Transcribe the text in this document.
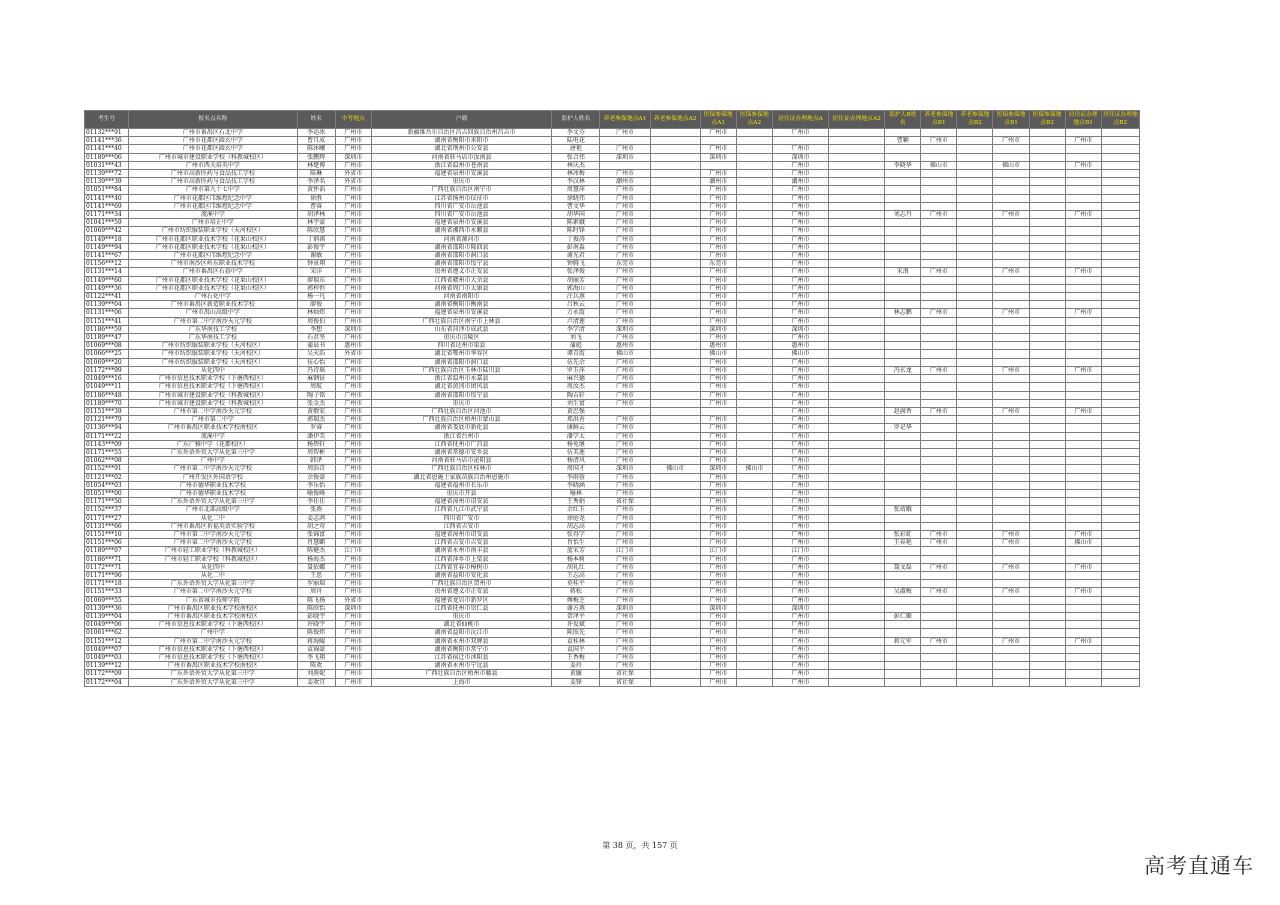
考生号	报名点名称	姓名	中考地点	户籍	监护人姓名	养老参保地点A1	养老参保地点A2	医保参保地点A1	医保参保地点A2	居住证办理地点A	居住证办理地点A2	监护人B姓名	养老参保地点B1	养老参保地点B2	医保参保地点B1	医保参保地点B2	居住证办理地点B1	居住证办理地点B2
01132***91	广州市番禺区石北中学	李运冰	广州市	新疆维吾尔自治区昌吉回族自治州昌吉市	李文芬	广州市		广州市		广州市								
01141***36	广州市花都区圆玄中学	曹月成	广州市	湖南省衡阳市耒阳市	陆电花							曹颖	广州市		广州市		广州市	
01141***40	广州市花都区圆玄中学	陈沐曦	广州市	湖北省荆州市公安县	唐艳	广州市		广州市		广州市								
01189***06	广州市城市建设职业学校（科教城校区）	张鹏辉	深圳市	河南省驻马店市汝南县	张合伟	深圳市		深圳市		深圳市								
01031***43	广州市西关培英中学	林楚博	广州市	浙江省温州市苍南县	林庆杰					广州市		李晓华	佛山市		佛山市		广州市	
01139***72	广州市高新医药与食品技工学校	陈琳	外省市	福建省泉州市安溪县	林冰梅	广州市		广州市		广州市								
01139***39	广州市高新医药与食品技工学校	李泽名	外省市	重庆市	李汉林	潮州市		潮州市		潮州市								
01051***84	广州市第九十七中学	黄怀滔	广州市	广西壮族自治区南宁市	周慧萍	广州市		广州市		广州市								
01141***40	广州市花都区邝维煜纪念中学	徐胜	广州市	江苏省扬州市仪征市	徐晓伟	广州市		广州市		广州市								
01141***69	广州市花都区邝维煜纪念中学	曹睿	广州市	四川省广安市岳池县	曹文华	广州市		广州市		广州市								
01171***34	流溪中学	胡泽林	广州市	四川省广安市岳池县	胡华国	广州市		广州市		广州市		刘志丹	广州市		广州市		广州市	
01041***59	广州市培正中学	林宇豪	广州市	福建省泉州市安溪县	陈素娥	广州市		广州市		广州市								
01069***42	广州市纺织服装职业学校（天河校区）	陈欣慧	广州市	湖南省湘西市永顺县	陈时锋	广州市		广州市		广州市								
01149***18	广州市花都区职业技术学校（花果山校区）	丁炳祺	广州市	河南省漯河市	丁俊涛	广州市		广州市		广州市								
01149***94	广州市花都区职业技术学校（花果山校区）	彭俊宇	广州市	湖南省邵阳市隆回县	彭南淼	广州市		广州市		广州市								
01141***67	广州市花都区邝维煜纪念中学	谢敏	广州市	湖南省邵阳市洞口县	谢光君	广州市		广州市		广州市								
01156***12	广州市南沙区岭东职业技术学校	钟景翔	广州市	湖南省邵阳市绥宁县	钟腾飞	东莞市		东莞市		广州市								
01131***14	广州市番禺区石碁中学	宋洋	广州市	贵州省遵义市正安县	张泽俊	广州市		广州市		广州市		宋浪	广州市		广州市		广州市	
01149***60	广州市花都区职业技术学校（花果山校区）	廖瑞东	广州市	江西省赣州市大余县	胡丽芳	广州市		广州市		广州市								
01149***36	广州市花都区职业技术学校（花果山校区）	郭梓恒	广州市	河南省周口市太康县	郭海山	广州市		广州市		广州市								
01122***41	广州石化中学	杨一凡	广州市	河南省南阳市	汪兵燕	广州市		广州市		广州市								
01139***04	广州市番禺区新造职业技术学校	廖俊	广州市	湖南省衡阳市衡南县	吕秋云	广州市		广州市		广州市								
01131***06	广州市禺山高级中学	林灿炜	广州市	福建省泉州市安溪县	万永霞	广州市		广州市		广州市		林志鹏	广州市		广州市		广州市	
01151***41	广州市第二中学南沙天元学校	周俊伯	广州市	广西壮族自治区南宁市上林县	卢清莲	广州市		广州市		广州市								
01186***59	广东华南技工学校	李想	深圳市	山东省菏泽市成武县	李学清	深圳市		深圳市		深圳市								
01189***47	广东华南技工学校	石君坚	广州市	重庆市涪陵区	刘飞	广州市		广州市		广州市								
01069***08	广州市纺织服装职业学校（天河校区）	蒲晨书	惠州市	四川省达州市渠县	蒲彪	惠州市		惠州市		惠州市								
01066***25	广州市纺织服装职业学校（天河校区）	吴天浩	外省市	湖北省鄂州市华容区	谭青霞	佛山市		佛山市		佛山市								
01069***20	广州市纺织服装职业学校（天河校区）	伍心怡	广州市	湖南省邵阳市洞口县	伍先余	广州市		广州市		广州市								
01172***99	从化四中	冯诗瑶	广州市	广西壮族自治区玉林市陆川县	罗玉萍	广州市		广州市		广州市		冯玄龙	广州市		广州市		广州市	
01049***16	广州市信息技术职业学校（下塘西校区）	麻钢钲	广州市	浙江省温州市永嘉县	麻兴德	广州市		广州市		广州市								
01049***11	广州市信息技术职业学校（下塘西校区）	周航	广州市	湖北省黄冈市团风县	周汝杰	广州市		广州市		广州市								
01186***48	广州市城市建设职业学校（科教城校区）	陶子铭	广州市	湖南省邵阳市绥宁县	陶吉轩	广州市		广州市		广州市								
01189***70	广州市城市建设职业学校（科教城校区）	张金杰	广州市	重庆市	刘生富	广州市		广州市		广州市								
01151***39	广州市第二中学南沙天元学校	黄敬宏	广州市	广西壮族自治区河池市	黄忠强					广州市		赵满香	广州市		广州市		广州市	
01121***79	广州市第二中学	郭瑞杰	广州市	广西壮族自治区梧州市蒙山县	郑洪善	广州市		广州市		广州市								
01136***94	广州市番禺区职业技术学校南校区	罗睿	广州市	湖南省娄底市新化县	康鲜云	广州市		广州市		广州市		罗记华						
01171***22	流溪中学	潘伊美	广州市	浙江省台州市	潘学太	广州市		广州市		广州市								
01143***09	广东广雅中学（花都校区）	杨碧轩	广州市	江西省抚州市广昌县	杨免继	广州市		广州市		广州市								
01171***55	广东外语外贸大学从化第三中学	周智彬	广州市	湖南省常德市安乡县	伍美莲	广州市		广州市		广州市								
01062***08	广州中学	韩泽	广州市	河南省驻马店市泌阳县	杨清风	广州市		广州市		广州市								
01152***91	广州市第二中学南沙天元学校	周浩青	广州市	广西壮族自治区桂林市	周国才	深圳市	佛山市	深圳市	佛山市	广州市								
01121***02	广州开发区外国语学校	余俊豪	广州市	湖北省恩施土家族苗族自治州恩施市	李雨蓉	广州市		广州市		广州市								
01054***03	广州市德华职业技术学校	李乐怡	广州市	福建省福州市长乐市	李晓涵	广州市		广州市		广州市								
01051***00	广州市德华职业技术学校	喻俊峰	广州市	重庆市开县	喻林	广州市		广州市		广州市								
01171***50	广东外语外贸大学从化第三中学	李佳佳	广州市	福建省漳州市诏安县	王秀娟	省社保		广州市		广州市								
01152***37	广州市北部高级中学	张燕	广州市	江西省九江市武宁县	余红玉	广州市		广州市		广州市		张靖娥						
01171***27	从化二中	姜志鸿	广州市	四川省广安市	徐庭尧	广州市		广州市		广州市								
01131***66	广州市番禺区祈福英语实验学校	胡之莺	广州市	江西省吉安市	胡志高	广州市		广州市		广州市								
01151***10	广州市第二中学南沙天元学校	张锦富	广州市	福建省漳州市诏安县	张得学	广州市		广州市		广州市		张彩虹	广州市		广州市		广州市	
01151***06	广州市第二中学南沙天元学校	肖慧麒	广州市	江西省吉安市吉安县	肖怡生	广州市		广州市		广州市		王春艳	广州市		广州市		佛山市	
01189***97	广州市轻工职业学校（科教城校区）	陈健杰	江门市	湖南省永州市南丰县	蓝宋芳	江门市		江门市		江门市								
01186***71	广州市轻工职业学校（科教城校区）	杨海杰	广州市	江西省萍乡市上栗县	杨本树	广州市		广州市		广州市								
01172***71	从化四中	聂依娜	广州市	江西省宜春市樟树市	胡礼红	广州市		广州市		广州市		聂文磊	广州市		广州市		广州市	
01171***96	从化二中	王思	广州市	湖南省益阳市安化县	王志高	广州市		广州市		广州市								
01171***18	广东外语外贸大学从化第三中学	罗丽瑞	广州市	广西壮族自治区贺州市	莫桂平	广州市		广州市		广州市								
01151***33	广州市第二中学南沙天元学校	周舟	广州市	贵州省遵义市正安县	蒋松	广州市		广州市		广州市		吴淑梅	广州市		广州市		广州市	
01069***55	广东省城市技师学院	陈飞扬	外省市	福建省龙岩市新罗区	傅梅芝	广州市		广州市		广州市								
01139***36	广州市番禺区职业技术学校南校区	陈欣怡	深圳市	江西省抚州市崇仁县	谢方燕	深圳市		深圳市		深圳市								
01139***04	广州市番禺区职业技术学校南校区	彭晓宇	广州市	重庆市	贺泽平	广州市		广州市		广州市		彭仁顺						
01049***06	广州市信息技术职业学校（下塘西校区）	许晓宇	广州市	湖北省仙桃市	许爱斌	广州市		广州市		广州市								
01061***62	广州中学	陈俊炜	广州市	湖南省益阳市沅江市	陈照先	广州市		广州市		广州市								
01151***12	广州市第二中学南沙天元学校	蒋海鲲	广州市	湖南省永州市双牌县	袁桂林	广州市		广州市		广州市		蒋元军	广州市		广州市		广州市	
01049***07	广州市信息技术职业学校（下塘西校区）	袁锦豪	广州市	湖南省衡阳市常宁市	袁国平	广州市		广州市		广州市								
01049***03	广州市信息技术职业学校（下塘西校区）	李飞翔	广州市	江苏省宿迁市沭阳县	王香梅	广州市		广州市		广州市								
01139***12	广州市番禺区职业技术学校南校区	陈欢	广州市	湖南省永州市宁远县	姜玲	广州市		广州市		广州市								
01172***09	广东外语外贸大学从化第三中学	刘燕妮	广州市	广西壮族自治区梧州市藤县	黄毓	省社保		广州市		广州市								
01172***04	广东外语外贸大学从化第三中学	姜欢宜	广州市	上海市	姜锋	省社保		广州市		广州市								
第 38 页，共 157 页
高考直通车
